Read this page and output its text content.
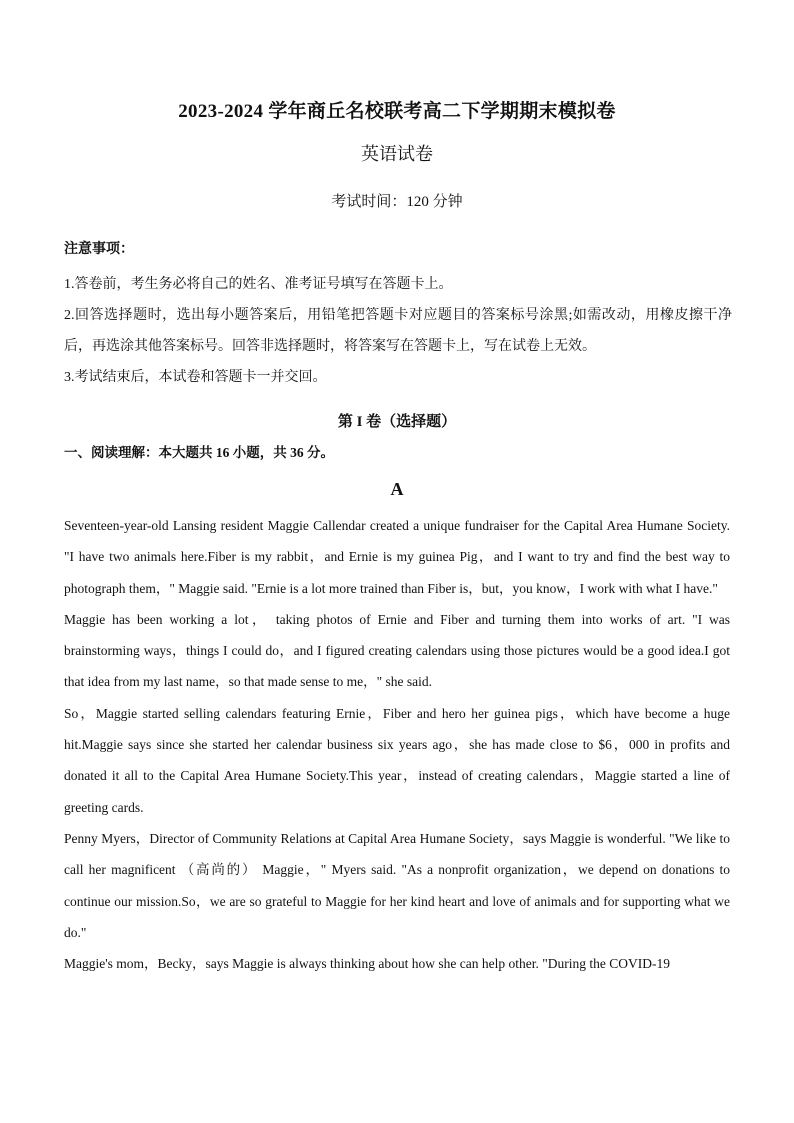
2023-2024 学年商丘名校联考高二下学期期末模拟卷
英语试卷
考试时间：120 分钟
注意事项：
1.答卷前，考生务必将自己的姓名、准考证号填写在答题卡上。
2.回答选择题时，选出每小题答案后，用铅笔把答题卡对应题目的答案标号涂黑;如需改动，用橡皮擦干净后，再选涂其他答案标号。回答非选择题时，将答案写在答题卡上，写在试卷上无效。
3.考试结束后，本试卷和答题卡一并交回。
第 I 卷（选择题）
一、阅读理解：本大题共 16 小题，共 36 分。
A

Seventeen-year-old Lansing resident Maggie Callendar created a unique fundraiser for the Capital Area Humane Society. "I have two animals here.Fiber is my rabbit，and Ernie is my guinea Pig，and I want to try and find the best way to photograph them，" Maggie said. "Ernie is a lot more trained than Fiber is，but，you know，I work with what I have."

Maggie has been working a lot， taking photos of Ernie and Fiber and turning them into works of art. "I was brainstorming ways，things I could do，and I figured creating calendars using those pictures would be a good idea.I got that idea from my last name，so that made sense to me，" she said.

So，Maggie started selling calendars featuring Ernie，Fiber and hero her guinea pigs，which have become a huge hit.Maggie says since she started her calendar business six years ago，she has made close to $6，000 in profits and donated it all to the Capital Area Humane Society.This year，instead of creating calendars，Maggie started a line of greeting cards.

Penny Myers，Director of Community Relations at Capital Area Humane Society，says Maggie is wonderful. "We like to call her magnificent （高尚的） Maggie，" Myers said. "As a nonprofit organization，we depend on donations to continue our mission.So，we are so grateful to Maggie for her kind heart and love of animals and for supporting what we do."

Maggie's mom，Becky，says Maggie is always thinking about how she can help other. "During the COVID-19
